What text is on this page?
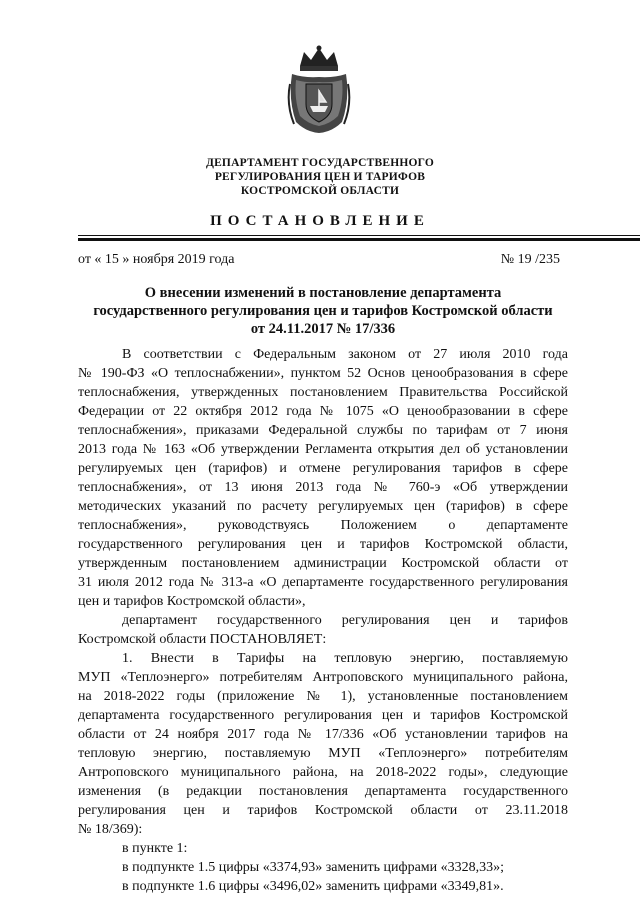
ДЕПАРТАМЕНТ ГОСУДАРСТВЕННОГО
РЕГУЛИРОВАНИЯ ЦЕН И ТАРИФОВ
КОСТРОМСКОЙ ОБЛАСТИ
ПОСТАНОВЛЕНИЕ
от « 15 » ноября 2019 года	№ 19 /235
О внесении изменений в постановление департамента
государственного регулирования цен и тарифов Костромской области
от 24.11.2017 № 17/336
В соответствии с Федеральным законом от 27 июля 2010 года
№ 190-ФЗ «О теплоснабжении», пунктом 52 Основ ценообразования в сфере
теплоснабжения, утвержденных постановлением Правительства Российской
Федерации от 22 октября 2012 года № 1075 «О ценообразовании в сфере
теплоснабжения», приказами Федеральной службы по тарифам от 7 июня
2013 года № 163 «Об утверждении Регламента открытия дел об установлении
регулируемых цен (тарифов) и отмене регулирования тарифов в сфере
теплоснабжения», от 13 июня 2013 года № 760-э «Об утверждении
методических указаний по расчету регулируемых цен (тарифов) в сфере
теплоснабжения», руководствуясь Положением о департаменте
государственного регулирования цен и тарифов Костромской области,
утвержденным постановлением администрации Костромской области от
31 июля 2012 года № 313-а «О департаменте государственного регулирования
цен и тарифов Костромской области»,
департамент государственного регулирования цен и тарифов
Костромской области ПОСТАНОВЛЯЕТ:
1. Внести в Тарифы на тепловую энергию, поставляемую
МУП «Теплоэнерго» потребителям Антроповского муниципального района,
на 2018-2022 годы (приложение № 1), установленные постановлением
департамента государственного регулирования цен и тарифов Костромской
области от 24 ноября 2017 года № 17/336 «Об установлении тарифов на
тепловую энергию, поставляемую МУП «Теплоэнерго» потребителям
Антроповского муниципального района, на 2018-2022 годы», следующие
изменения (в редакции постановления департамента государственного
регулирования цен и тарифов Костромской области от 23.11.2018
№ 18/369):
в пункте 1:
в подпункте 1.5 цифры «3374,93» заменить цифрами «3328,33»;
в подпункте 1.6 цифры «3496,02» заменить цифрами «3349,81».
